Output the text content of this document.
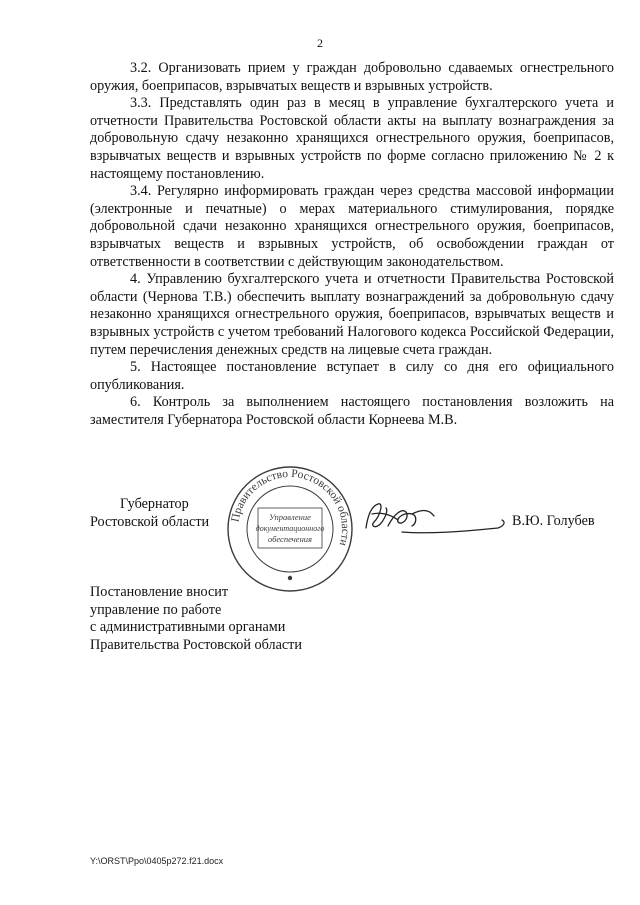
2

3.2. Организовать прием у граждан добровольно сдаваемых огнестрельного оружия, боеприпасов, взрывчатых веществ и взрывных устройств.

3.3. Представлять один раз в месяц в управление бухгалтерского учета и отчетности Правительства Ростовской области акты на выплату вознаграждения за добровольную сдачу незаконно хранящихся огнестрельного оружия, боеприпасов, взрывчатых веществ и взрывных устройств по форме согласно приложению № 2 к настоящему постановлению.

3.4. Регулярно информировать граждан через средства массовой информации (электронные и печатные) о мерах материального стимулирования, порядке добровольной сдачи незаконно хранящихся огнестрельного оружия, боеприпасов, взрывчатых веществ и взрывных устройств, об освобождении граждан от ответственности в соответствии с действующим законодательством.

4. Управлению бухгалтерского учета и отчетности Правительства Ростовской области (Чернова Т.В.) обеспечить выплату вознаграждений за добровольную сдачу незаконно хранящихся огнестрельного оружия, боеприпасов, взрывчатых веществ и взрывных устройств с учетом требований Налогового кодекса Российской Федерации, путем перечисления денежных средств на лицевые счета граждан.

5. Настоящее постановление вступает в силу со дня его официального опубликования.

6. Контроль за выполнением настоящего постановления возложить на заместителя Губернатора Ростовской области Корнеева М.В.

Губернатор
Ростовской области	Правительство Ростовской области
Управление
документационного
обеспечения
В.Ю. Голубев
Постановление вносит
управление по работе
с административными органами
Правительства Ростовской области
Y:\ORST\Ppo\0405p272.f21.docx
